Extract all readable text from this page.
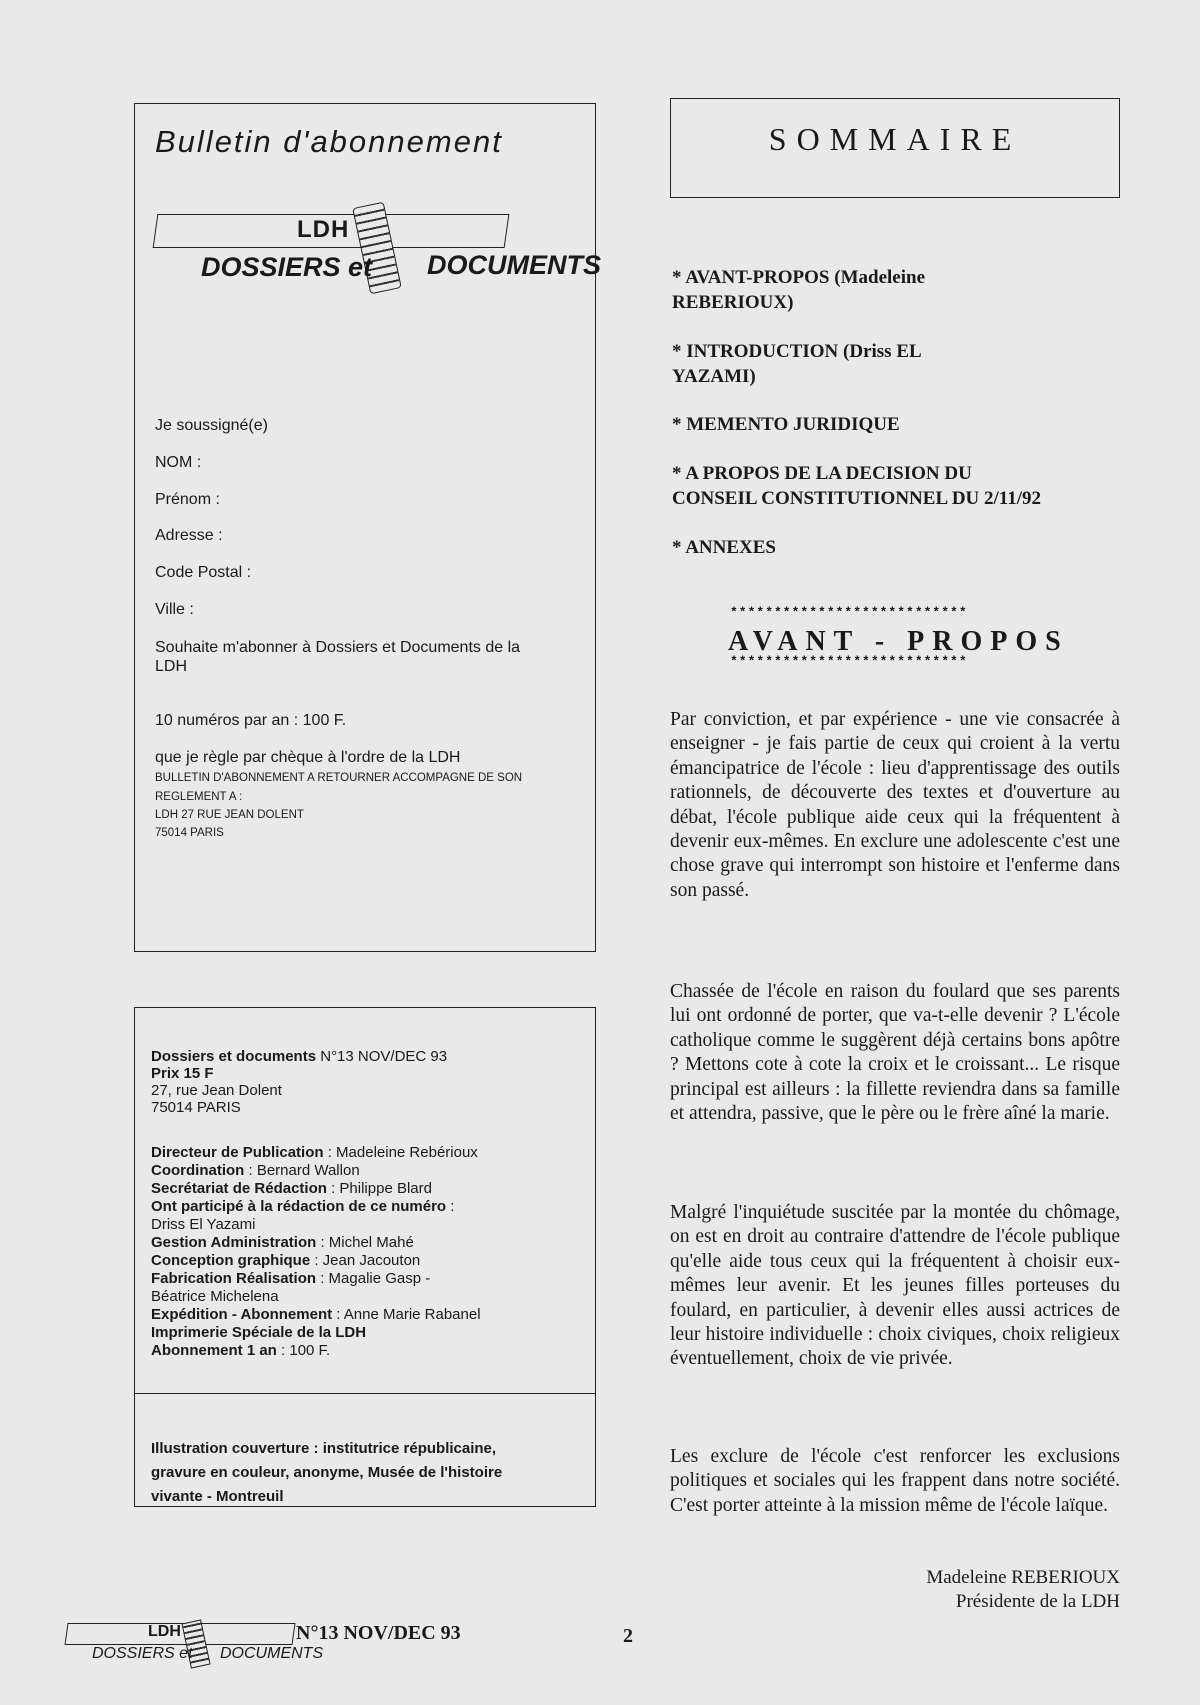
Bulletin d'abonnement
LDH
DOSSIERS et DOCUMENTS
Je soussigné(e)
NOM :
Prénom :
Adresse :
Code Postal :
Ville :
Souhaite m'abonner à Dossiers et Documents de la
LDH
10 numéros par an : 100 F.
que je règle par chèque à l'ordre de la LDH
BULLETIN D'ABONNEMENT A RETOURNER ACCOMPAGNE DE SON
REGLEMENT A :
LDH 27 RUE JEAN DOLENT
75014 PARIS
Dossiers et documents N°13 NOV/DEC 93
Prix 15 F
27, rue Jean Dolent
75014 PARIS
Directeur de Publication : Madeleine Rebérioux
Coordination : Bernard Wallon
Secrétariat de Rédaction : Philippe Blard
Ont participé à la rédaction de ce numéro :
Driss El Yazami
Gestion Administration : Michel Mahé
Conception graphique : Jean Jacouton
Fabrication Réalisation : Magalie Gasp -
Béatrice Michelena
Expédition - Abonnement : Anne Marie Rabanel
Imprimerie Spéciale de la LDH
Abonnement 1 an : 100 F.
Illustration couverture : institutrice républicaine,
gravure en couleur, anonyme, Musée de l'histoire
vivante - Montreuil
SOMMAIRE
* AVANT-PROPOS (Madeleine
REBERIOUX)
* INTRODUCTION (Driss EL
YAZAMI)
* MEMENTO JURIDIQUE
* A PROPOS DE LA DECISION DU
CONSEIL CONSTITUTIONNEL DU 2/11/92
* ANNEXES
***************************
AVANT - PROPOS
***************************
Par conviction, et par expérience - une vie consacrée à enseigner - je fais partie de ceux qui croient à la vertu émancipatrice de l'école : lieu d'apprentissage des outils rationnels, de découverte des textes et d'ouverture au débat, l'école publique aide ceux qui la fréquentent à devenir eux-mêmes. En exclure une adolescente c'est une chose grave qui interrompt son histoire et l'enferme dans son passé.
Chassée de l'école en raison du foulard que ses parents lui ont ordonné de porter, que va-t-elle devenir ? L'école catholique comme le suggèrent déjà certains bons apôtre ? Mettons cote à cote la croix et le croissant... Le risque principal est ailleurs : la fillette reviendra dans sa famille et attendra, passive, que le père ou le frère aîné la marie.
Malgré l'inquiétude suscitée par la montée du chômage, on est en droit au contraire d'attendre de l'école publique qu'elle aide tous ceux qui la fréquentent à choisir eux-mêmes leur avenir. Et les jeunes filles porteuses du foulard, en particulier, à devenir elles aussi actrices de leur histoire individuelle : choix civiques, choix religieux éventuellement, choix de vie privée.
Les exclure de l'école c'est renforcer les exclusions politiques et sociales qui les frappent dans notre société. C'est porter atteinte à la mission même de l'école laïque.
Madeleine REBERIOUX
Présidente de la LDH
LDH
DOSSIERS et DOCUMENTS
N°13 NOV/DEC 93	2
